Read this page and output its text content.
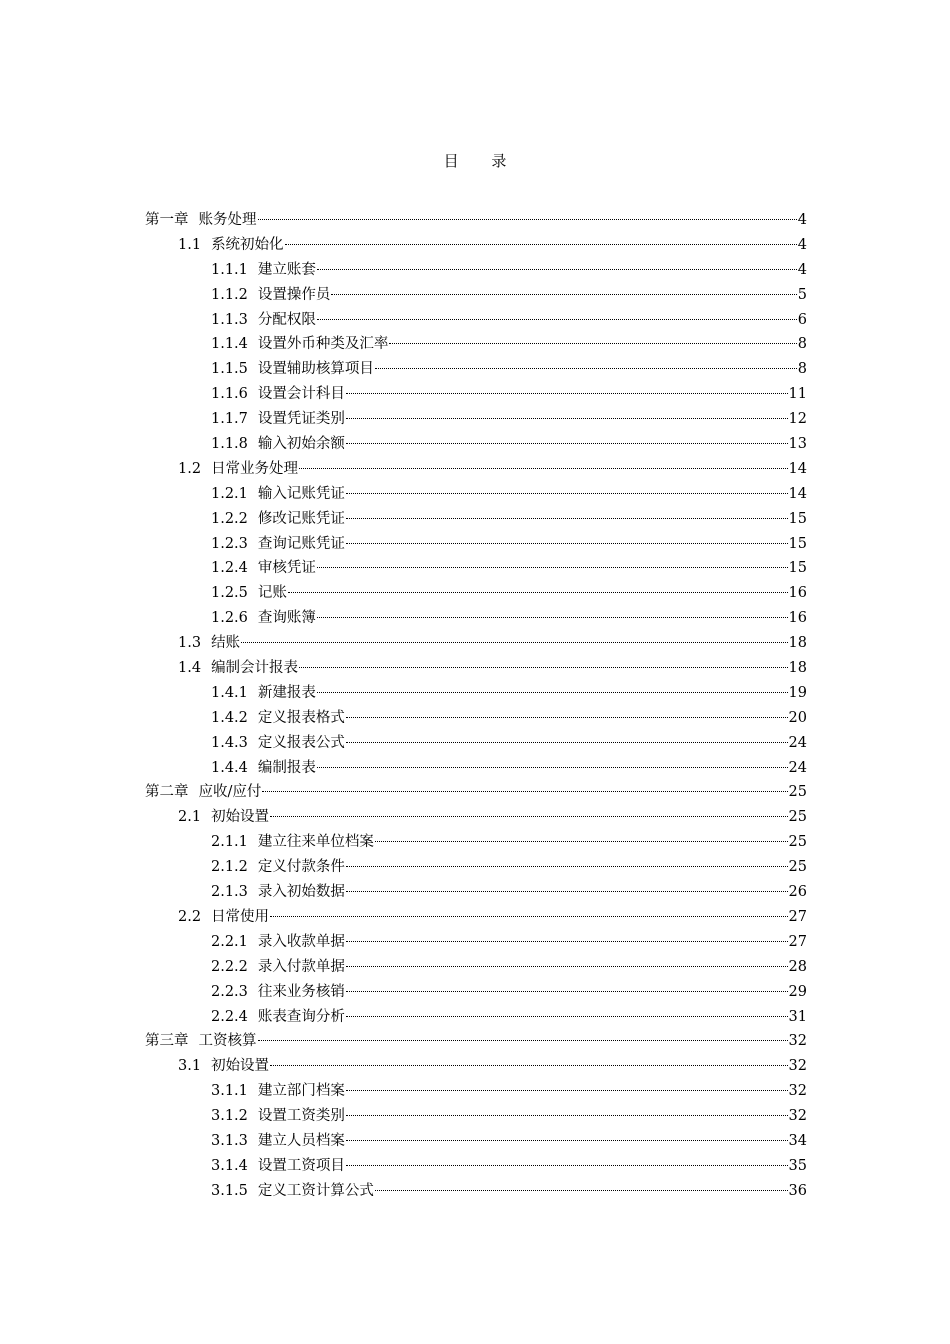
目 录
第一章 账务处理	4
1.1 系统初始化	4
1.1.1 建立账套	4
1.1.2 设置操作员	5
1.1.3 分配权限	6
1.1.4 设置外币种类及汇率	8
1.1.5 设置辅助核算项目	8
1.1.6 设置会计科目	11
1.1.7 设置凭证类别	12
1.1.8 输入初始余额	13
1.2 日常业务处理	14
1.2.1 输入记账凭证	14
1.2.2 修改记账凭证	15
1.2.3 查询记账凭证	15
1.2.4 审核凭证	15
1.2.5 记账	16
1.2.6 查询账簿	16
1.3 结账	18
1.4 编制会计报表	18
1.4.1 新建报表	19
1.4.2 定义报表格式	20
1.4.3 定义报表公式	24
1.4.4 编制报表	24
第二章 应收/应付	25
2.1 初始设置	25
2.1.1 建立往来单位档案	25
2.1.2 定义付款条件	25
2.1.3 录入初始数据	26
2.2 日常使用	27
2.2.1 录入收款单据	27
2.2.2 录入付款单据	28
2.2.3 往来业务核销	29
2.2.4 账表查询分析	31
第三章 工资核算	32
3.1 初始设置	32
3.1.1 建立部门档案	32
3.1.2 设置工资类别	32
3.1.3 建立人员档案	34
3.1.4 设置工资项目	35
3.1.5 定义工资计算公式	36
